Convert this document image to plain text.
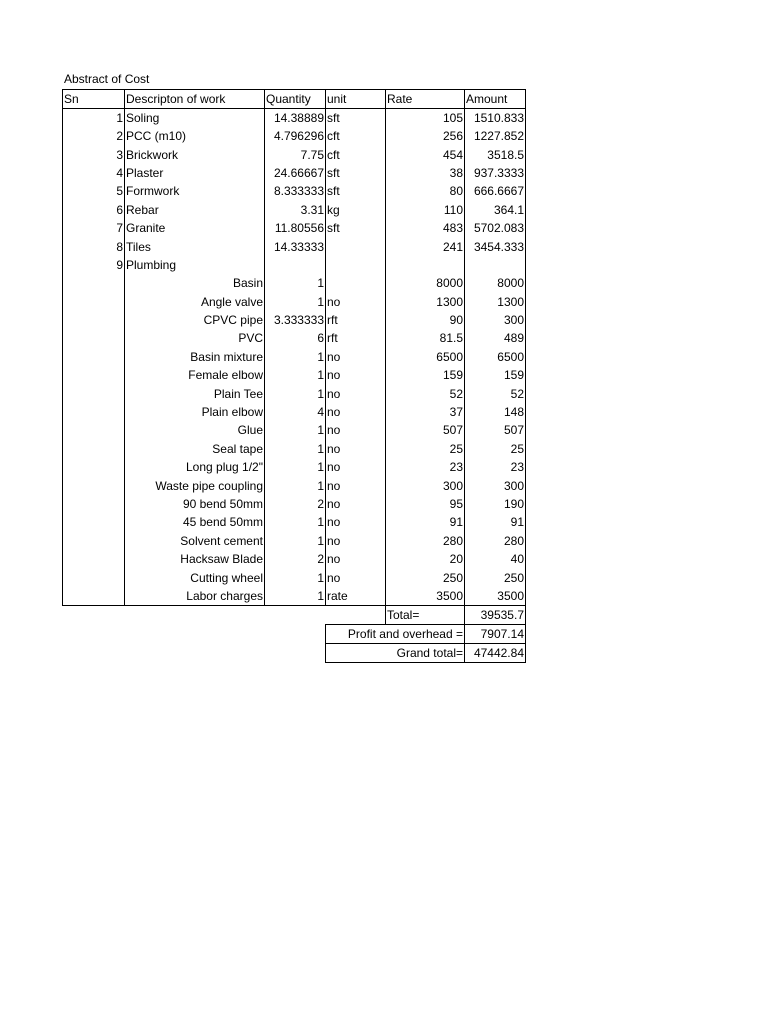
Abstract of Cost
Sn	Descripton of work	Quantity	unit	Rate	Amount
1	Soling	14.38889	sft	105	1510.833
2	PCC (m10)	4.796296	cft	256	1227.852
3	Brickwork	7.75	cft	454	3518.5
4	Plaster	24.66667	sft	38	937.3333
5	Formwork	8.333333	sft	80	666.6667
6	Rebar	3.31	kg	110	364.1
7	Granite	11.80556	sft	483	5702.083
8	Tiles	14.33333		241	3454.333
9	Plumbing				
	Basin	1		8000	8000
	Angle valve	1	no	1300	1300
	CPVC pipe	3.333333	rft	90	300
	PVC	6	rft	81.5	489
	Basin mixture	1	no	6500	6500
	Female elbow	1	no	159	159
	Plain Tee	1	no	52	52
	Plain elbow	4	no	37	148
	Glue	1	no	507	507
	Seal tape	1	no	25	25
	Long plug 1/2"	1	no	23	23
	Waste pipe coupling	1	no	300	300
	90 bend 50mm	2	no	95	190
	45 bend 50mm	1	no	91	91
	Solvent cement	1	no	280	280
	Hacksaw Blade	2	no	20	40
	Cutting wheel	1	no	250	250
	Labor charges	1	rate	3500	3500
				Total=	39535.7
			Profit and overhead =		7907.14
			Grand total=		47442.84
